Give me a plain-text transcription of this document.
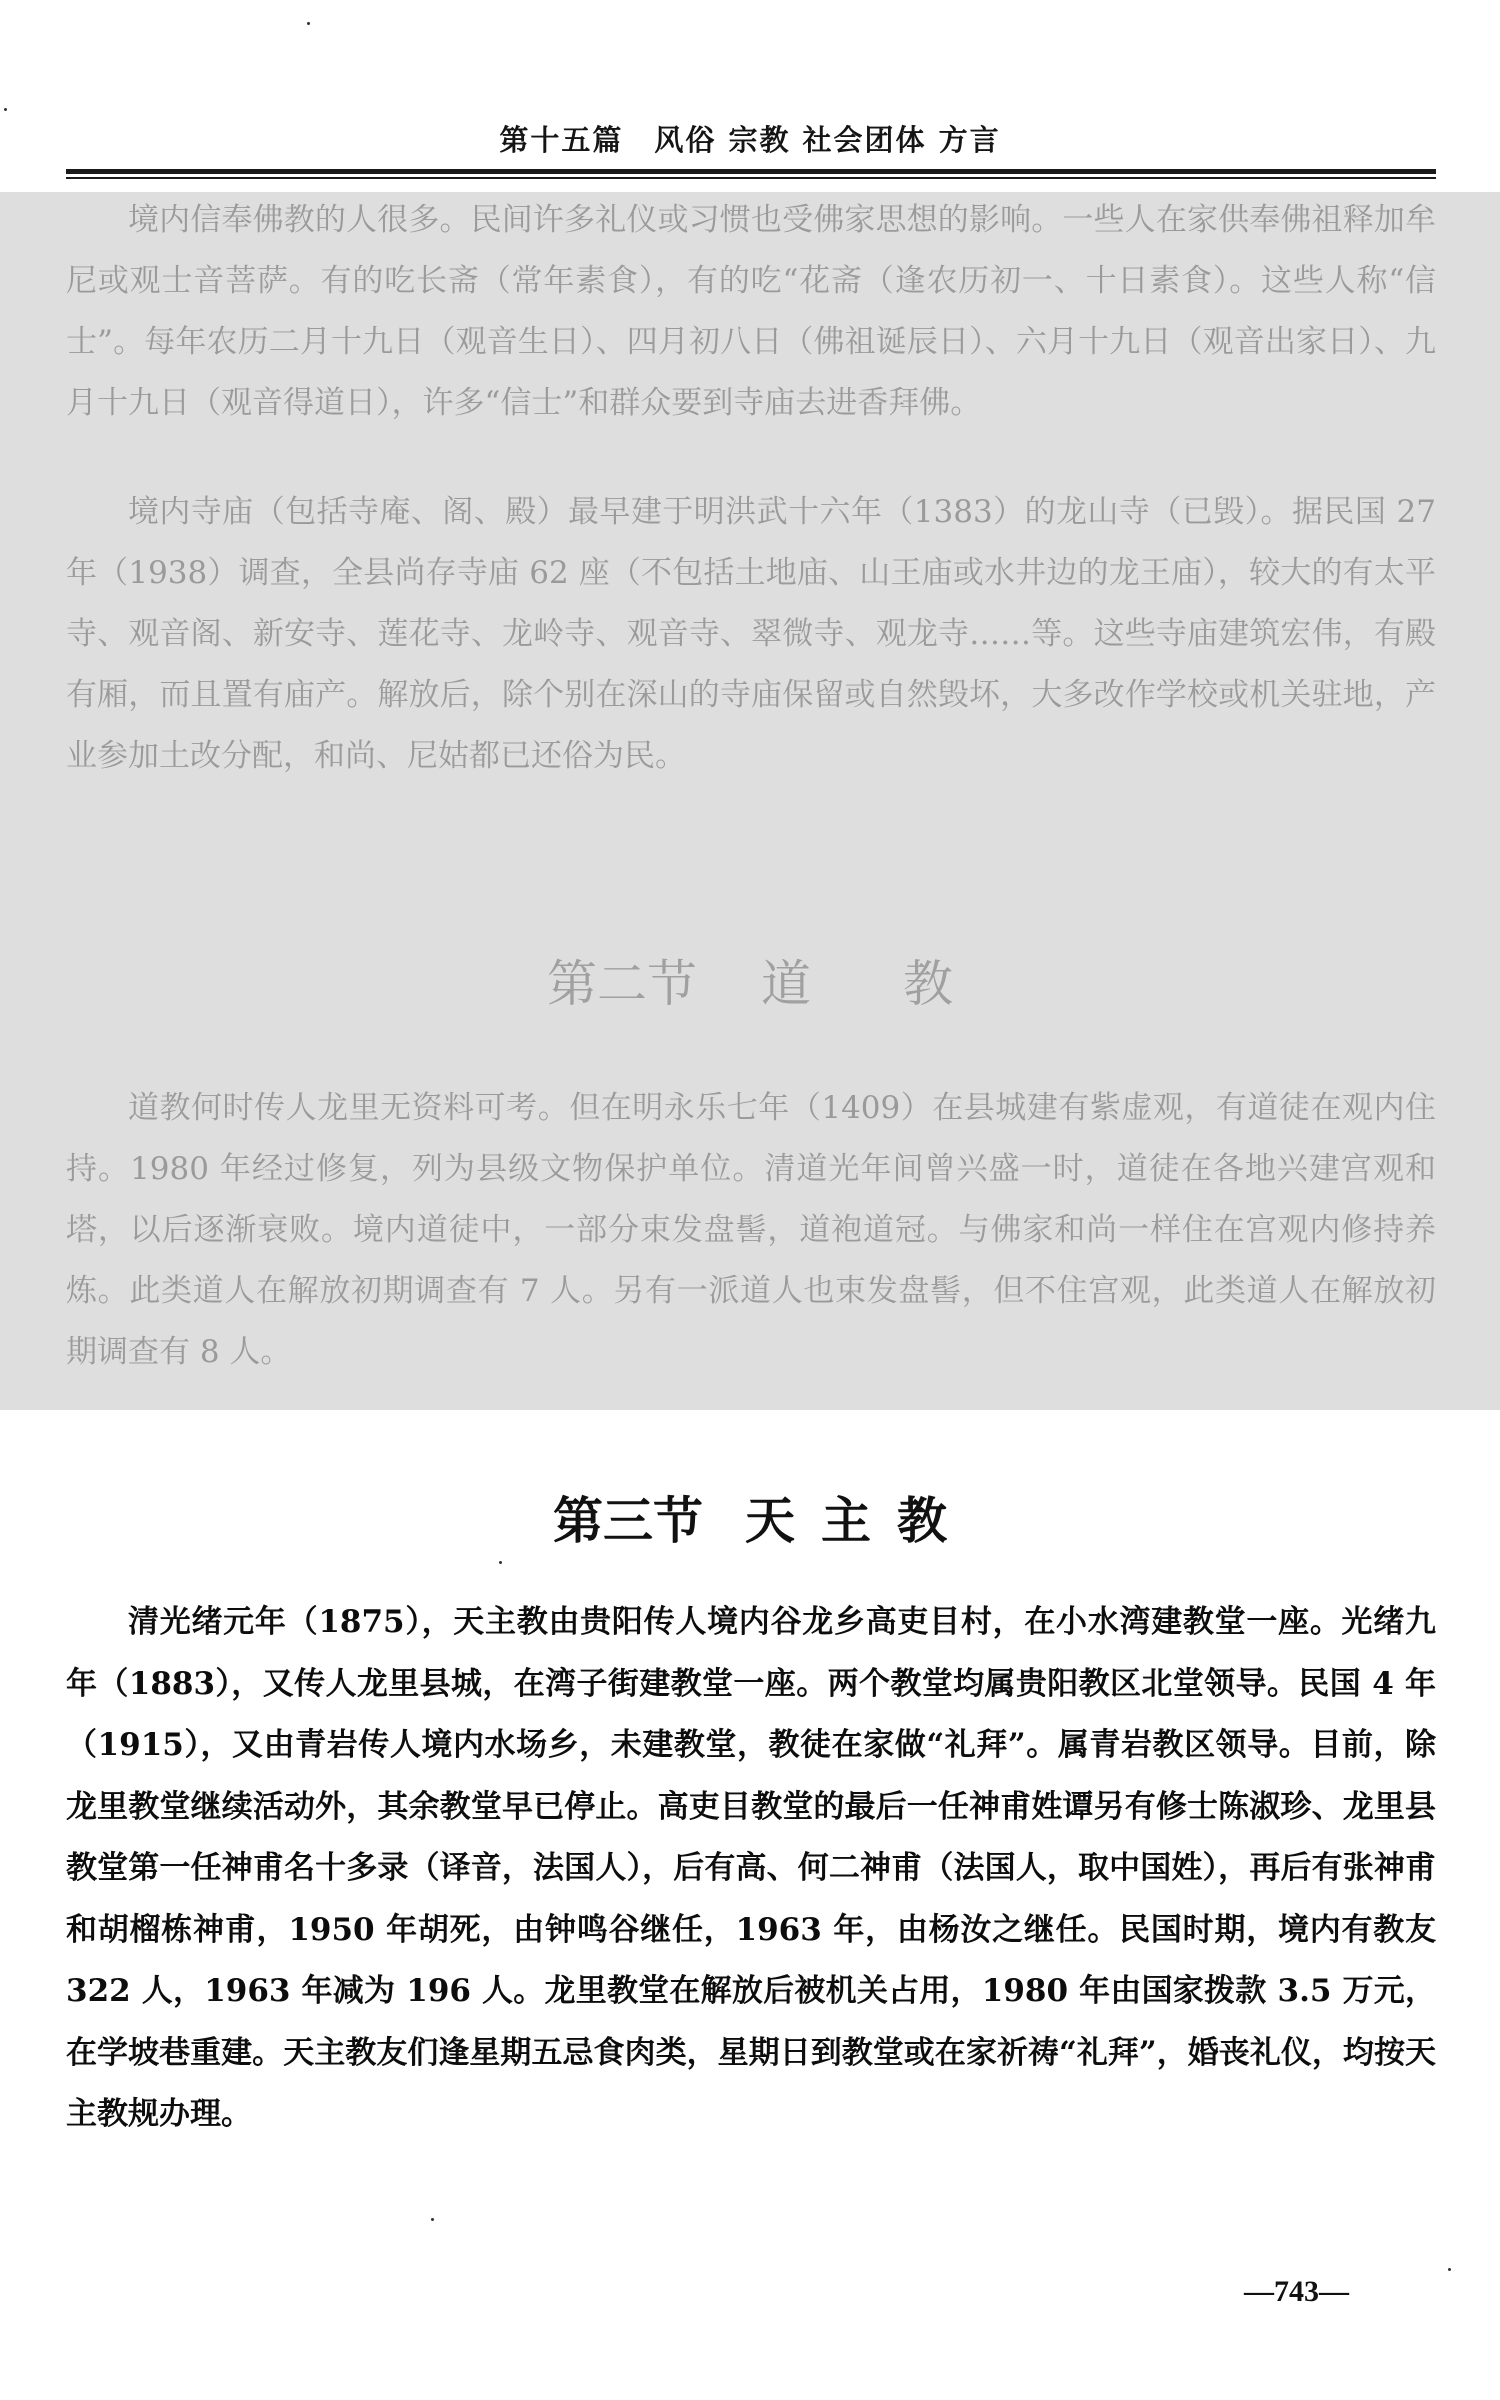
第十五篇　风俗 宗教 社会团体 方言

境内信奉佛教的人很多。民间许多礼仪或习惯也受佛家思想的影响。一些人在家供奉佛祖释加牟尼或观士音菩萨。有的吃长斋（常年素食），有的吃“花斋（逢农历初一、十日素食）。这些人称“信士”。每年农历二月十九日（观音生日）、四月初八日（佛祖诞辰日）、六月十九日（观音出家日）、九月十九日（观音得道日），许多“信士”和群众要到寺庙去进香拜佛。

境内寺庙（包括寺庵、阁、殿）最早建于明洪武十六年（1383）的龙山寺（已毁）。据民国 27 年（1938）调查，全县尚存寺庙 62 座（不包括土地庙、山王庙或水井边的龙王庙），较大的有太平寺、观音阁、新安寺、莲花寺、龙岭寺、观音寺、翠微寺、观龙寺……等。这些寺庙建筑宏伟，有殿有厢，而且置有庙产。解放后，除个别在深山的寺庙保留或自然毁坏，大多改作学校或机关驻地，产业参加土改分配，和尚、尼姑都已还俗为民。

第二节 道 教

道教何时传人龙里无资料可考。但在明永乐七年（1409）在县城建有紫虚观，有道徒在观内住持。1980 年经过修复，列为县级文物保护单位。清道光年间曾兴盛一时，道徒在各地兴建宫观和塔，以后逐渐衰败。境内道徒中，一部分束发盘髻，道袍道冠。与佛家和尚一样住在宫观内修持养炼。此类道人在解放初期调查有 7 人。另有一派道人也束发盘髻，但不住宫观，此类道人在解放初期调查有 8 人。

第三节 天 主 教

清光绪元年（1875），天主教由贵阳传人境内谷龙乡高吏目村，在小水湾建教堂一座。光绪九年（1883），又传人龙里县城，在湾子街建教堂一座。两个教堂均属贵阳教区北堂领导。民国 4 年（1915），又由青岩传人境内水场乡，未建教堂，教徒在家做“礼拜”。属青岩教区领导。目前，除龙里教堂继续活动外，其余教堂早已停止。高吏目教堂的最后一任神甫姓谭另有修士陈淑珍、龙里县教堂第一任神甫名十多录（译音，法国人），后有高、何二神甫（法国人，取中国姓），再后有张神甫和胡榴栋神甫，1950 年胡死，由钟鸣谷继任，1963 年，由杨汝之继任。民国时期，境内有教友 322 人，1963 年减为 196 人。龙里教堂在解放后被机关占用，1980 年由国家拨款 3.5 万元，在学坡巷重建。天主教友们逢星期五忌食肉类，星期日到教堂或在家祈祷“礼拜”，婚丧礼仪，均按天主教规办理。

—743—
